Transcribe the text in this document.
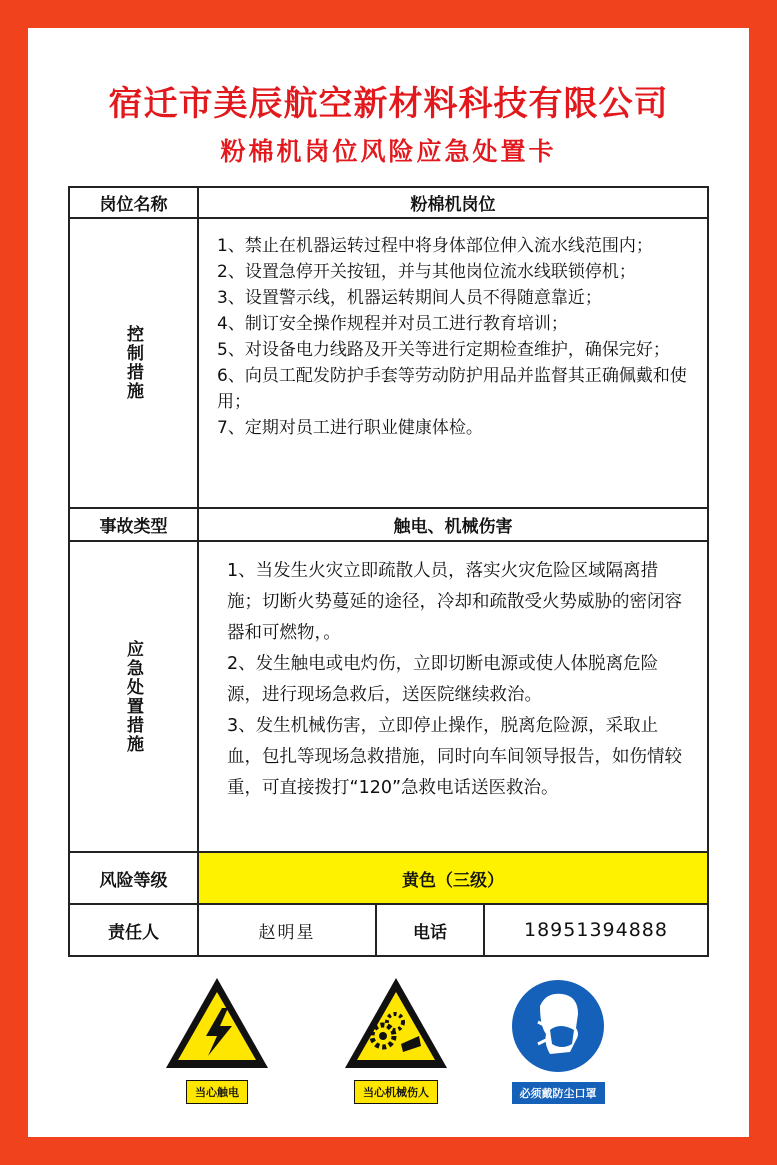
宿迁市美辰航空新材料科技有限公司
粉棉机岗位风险应急处置卡
岗位名称	粉棉机岗位
控制措施
1、禁止在机器运转过程中将身体部位伸入流水线范围内；
2、设置急停开关按钮，并与其他岗位流水线联锁停机；
3、设置警示线，机器运转期间人员不得随意靠近；
4、制订安全操作规程并对员工进行教育培训；
5、对设备电力线路及开关等进行定期检查维护，确保完好；
6、向员工配发防护手套等劳动防护用品并监督其正确佩戴和使用；
7、定期对员工进行职业健康体检。
事故类型	触电、机械伤害
应急处置措施
1、当发生火灾立即疏散人员，落实火灾危险区域隔离措施；切断火势蔓延的途径，冷却和疏散受火势威胁的密闭容器和可燃物，。
2、发生触电或电灼伤，立即切断电源或使人体脱离危险源，进行现场急救后，送医院继续救治。
3、发生机械伤害，立即停止操作，脱离危险源，采取止血，包扎等现场急救措施，同时向车间领导报告，如伤情较重，可直接拨打“120”急救电话送医救治。
风险等级	黄色（三级）
责任人	赵明星	电话	18951394888
当心触电	当心机械伤人	必须戴防尘口罩
